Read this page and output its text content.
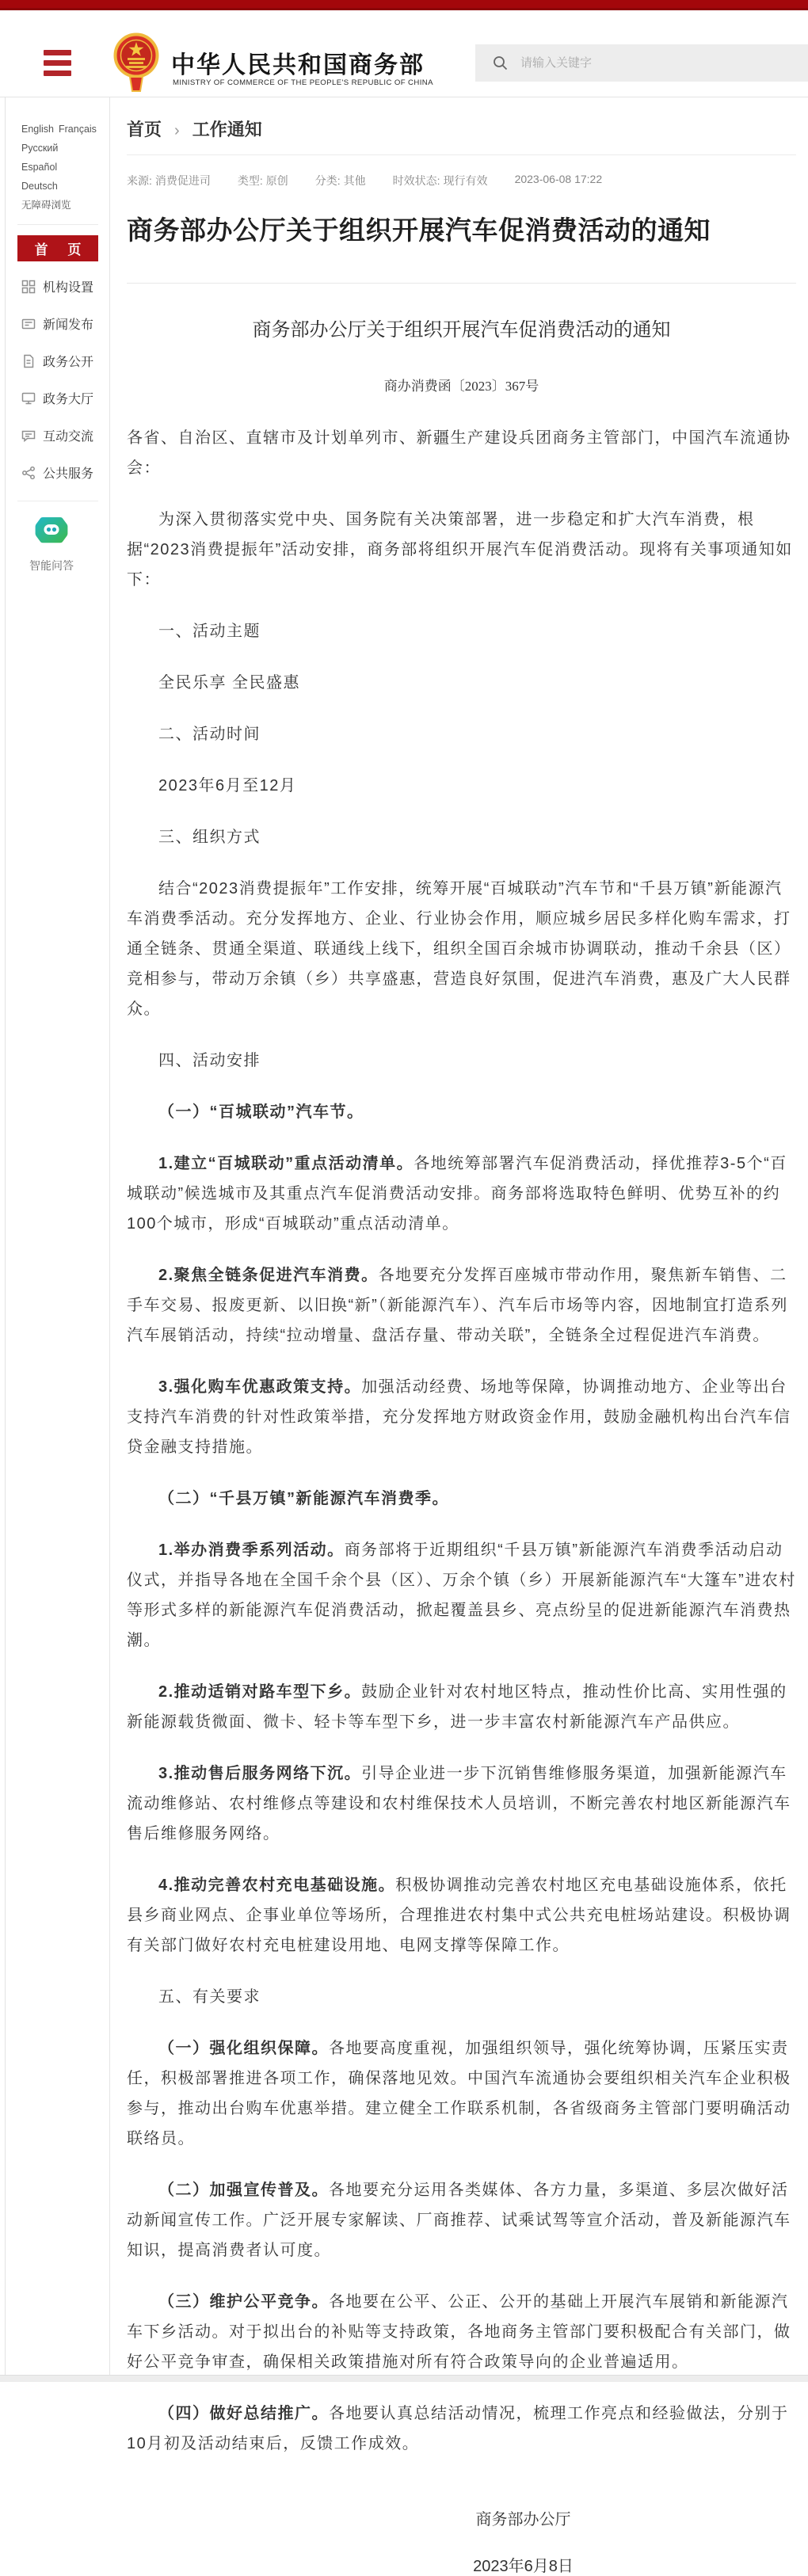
中华人民共和国商务部
MINISTRY OF COMMERCE OF THE PEOPLE'S REPUBLIC OF CHINA
请输入关键字
English FrançaisРусскийEspañolDeutsch无障碍浏览
首 页
机构设置
新闻发布
政务公开
政务大厅
互动交流
公共服务
智能问答
首页 › 工作通知
来源: 消费促进司 类型: 原创 分类: 其他 时效状态: 现行有效 2023-06-08 17:22
商务部办公厅关于组织开展汽车促消费活动的通知
商务部办公厅关于组织开展汽车促消费活动的通知
商办消费函〔2023〕367号

各省、自治区、直辖市及计划单列市、新疆生产建设兵团商务主管部门，中国汽车流通协会：

为深入贯彻落实党中央、国务院有关决策部署，进一步稳定和扩大汽车消费，根据“2023消费提振年”活动安排，商务部将组织开展汽车促消费活动。现将有关事项通知如下：

一、活动主题

全民乐享 全民盛惠

二、活动时间

2023年6月至12月

三、组织方式

结合“2023消费提振年”工作安排，统筹开展“百城联动”汽车节和“千县万镇”新能源汽车消费季活动。充分发挥地方、企业、行业协会作用，顺应城乡居民多样化购车需求，打通全链条、贯通全渠道、联通线上线下，组织全国百余城市协调联动，推动千余县（区）竞相参与，带动万余镇（乡）共享盛惠，营造良好氛围，促进汽车消费，惠及广大人民群众。

四、活动安排

（一）“百城联动”汽车节。

1.建立“百城联动”重点活动清单。各地统筹部署汽车促消费活动，择优推荐3-5个“百城联动”候选城市及其重点汽车促消费活动安排。商务部将选取特色鲜明、优势互补的约100个城市，形成“百城联动”重点活动清单。

2.聚焦全链条促进汽车消费。各地要充分发挥百座城市带动作用，聚焦新车销售、二手车交易、报废更新、以旧换“新”（新能源汽车）、汽车后市场等内容，因地制宜打造系列汽车展销活动，持续“拉动增量、盘活存量、带动关联”，全链条全过程促进汽车消费。

3.强化购车优惠政策支持。加强活动经费、场地等保障，协调推动地方、企业等出台支持汽车消费的针对性政策举措，充分发挥地方财政资金作用，鼓励金融机构出台汽车信贷金融支持措施。

（二）“千县万镇”新能源汽车消费季。

1.举办消费季系列活动。商务部将于近期组织“千县万镇”新能源汽车消费季活动启动仪式，并指导各地在全国千余个县（区）、万余个镇（乡）开展新能源汽车“大篷车”进农村等形式多样的新能源汽车促消费活动，掀起覆盖县乡、亮点纷呈的促进新能源汽车消费热潮。

2.推动适销对路车型下乡。鼓励企业针对农村地区特点，推动性价比高、实用性强的新能源载货微面、微卡、轻卡等车型下乡，进一步丰富农村新能源汽车产品供应。

3.推动售后服务网络下沉。引导企业进一步下沉销售维修服务渠道，加强新能源汽车流动维修站、农村维修点等建设和农村维保技术人员培训，不断完善农村地区新能源汽车售后维修服务网络。

4.推动完善农村充电基础设施。积极协调推动完善农村地区充电基础设施体系，依托县乡商业网点、企事业单位等场所，合理推进农村集中式公共充电桩场站建设。积极协调有关部门做好农村充电桩建设用地、电网支撑等保障工作。

五、有关要求

（一）强化组织保障。各地要高度重视，加强组织领导，强化统筹协调，压紧压实责任，积极部署推进各项工作，确保落地见效。中国汽车流通协会要组织相关汽车企业积极参与，推动出台购车优惠举措。建立健全工作联系机制，各省级商务主管部门要明确活动联络员。

（二）加强宣传普及。各地要充分运用各类媒体、各方力量，多渠道、多层次做好活动新闻宣传工作。广泛开展专家解读、厂商推荐、试乘试驾等宣介活动，普及新能源汽车知识，提高消费者认可度。

（三）维护公平竞争。各地要在公平、公正、公开的基础上开展汽车展销和新能源汽车下乡活动。对于拟出台的补贴等支持政策，各地商务主管部门要积极配合有关部门，做好公平竞争审查，确保相关政策措施对所有符合政策导向的企业普遍适用。

（四）做好总结推广。各地要认真总结活动情况，梳理工作亮点和经验做法，分别于10月初及活动结束后，反馈工作成效。

商务部办公厅
2023年6月8日
